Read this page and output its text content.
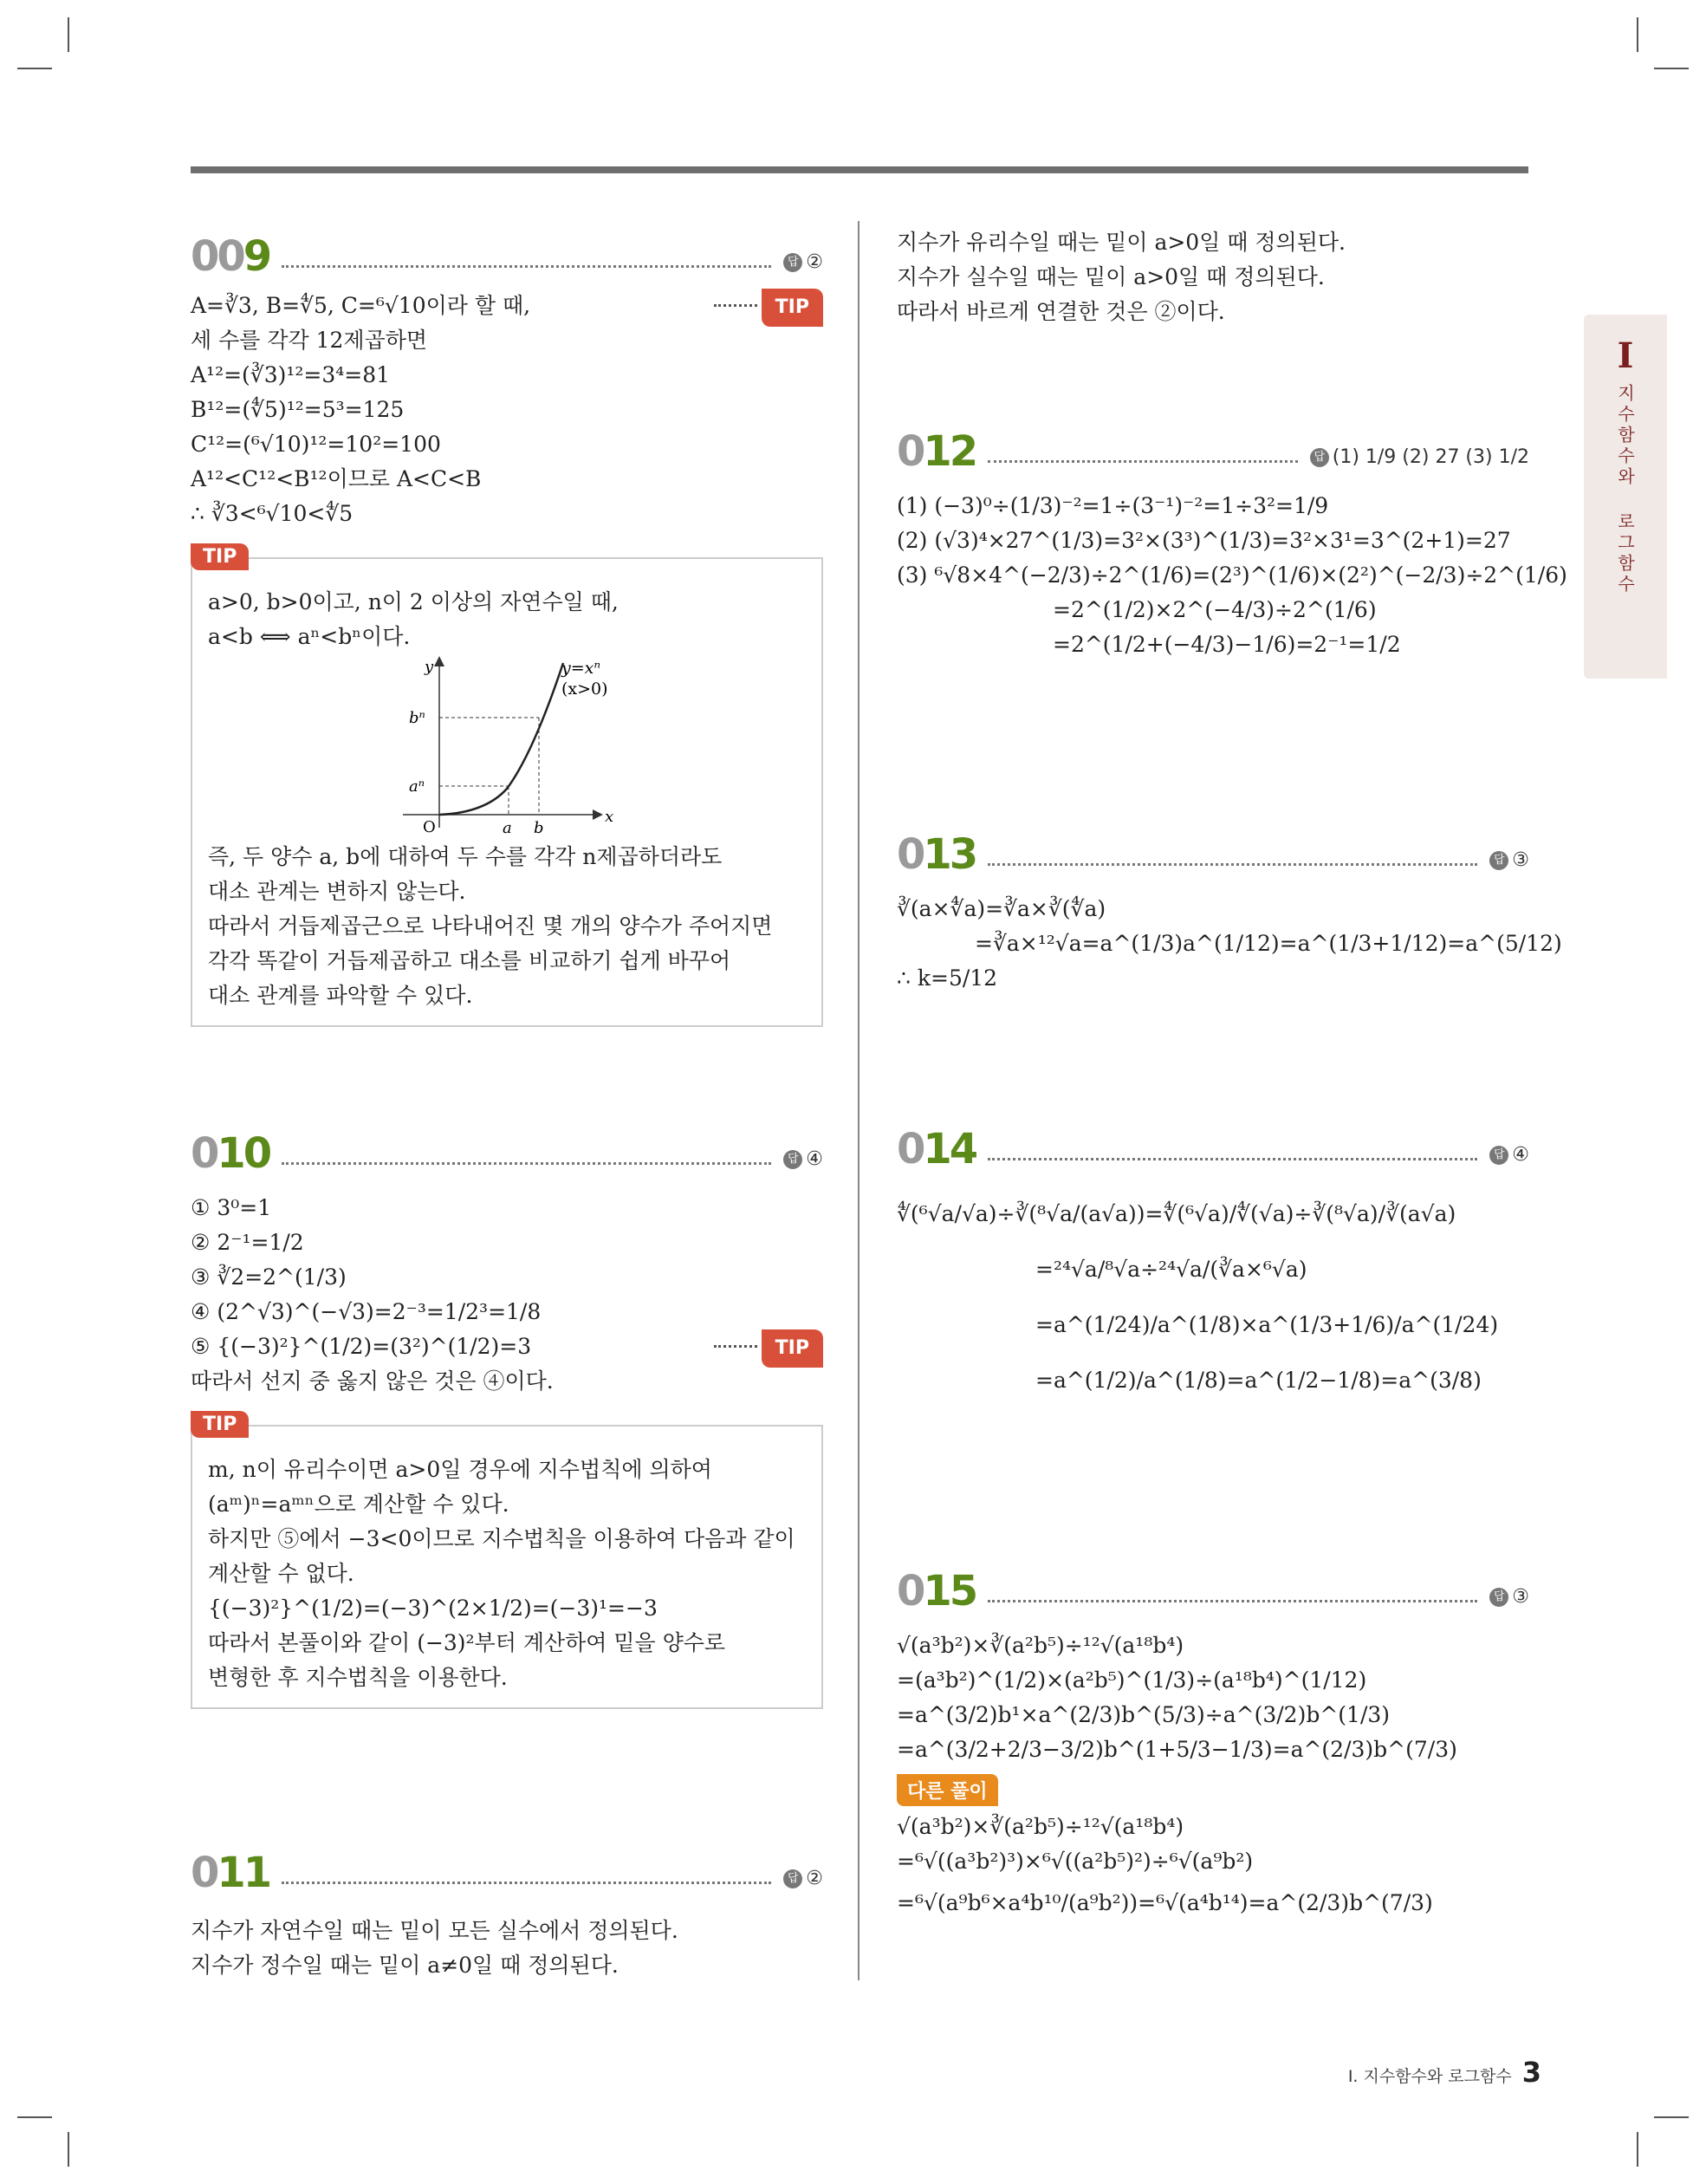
I
지수함수와 로그함수
009	답 ②
A=∛3, B=∜5, C=⁶√10이라 할 때,	TIP
세 수를 각각 12제곱하면
A¹²=(∛3)¹²=3⁴=81
B¹²=(∜5)¹²=5³=125
C¹²=(⁶√10)¹²=10²=100
A¹²<C¹²<B¹²이므로 A<C<B
∴ ∛3<⁶√10<∜5
TIP
a>0, b>0이고, n이 2 이상의 자연수일 때,
a<b ⟺ aⁿ<bⁿ이다.
y=xⁿ
(x>0)
y
x
O
bⁿ
aⁿ
a b
즉, 두 양수 a, b에 대하여 두 수를 각각 n제곱하더라도
대소 관계는 변하지 않는다.
따라서 거듭제곱근으로 나타내어진 몇 개의 양수가 주어지면
각각 똑같이 거듭제곱하고 대소를 비교하기 쉽게 바꾸어
대소 관계를 파악할 수 있다.
010	답 ④
① 3⁰=1
② 2⁻¹=1/2
③ ∛2=2^(1/3)
④ (2^√3)^(−√3)=2⁻³=1/2³=1/8
⑤ {(−3)²}^(1/2)=(3²)^(1/2)=3	TIP
따라서 선지 중 옳지 않은 것은 ④이다.
TIP
m, n이 유리수이면 a>0일 경우에 지수법칙에 의하여
(aᵐ)ⁿ=aᵐⁿ으로 계산할 수 있다.
하지만 ⑤에서 −3<0이므로 지수법칙을 이용하여 다음과 같이
계산할 수 없다.
{(−3)²}^(1/2)=(−3)^(2×1/2)=(−3)¹=−3
따라서 본풀이와 같이 (−3)²부터 계산하여 밑을 양수로
변형한 후 지수법칙을 이용한다.
011	답 ②
지수가 자연수일 때는 밑이 모든 실수에서 정의된다.
지수가 정수일 때는 밑이 a≠0일 때 정의된다.
지수가 유리수일 때는 밑이 a>0일 때 정의된다.
지수가 실수일 때는 밑이 a>0일 때 정의된다.
따라서 바르게 연결한 것은 ②이다.
012	답 (1) 1/9 (2) 27 (3) 1/2
(1) (−3)⁰÷(1/3)⁻²=1÷(3⁻¹)⁻²=1÷3²=1/9
(2) (√3)⁴×27^(1/3)=3²×(3³)^(1/3)=3²×3¹=3^(2+1)=27
(3) ⁶√8×4^(−2/3)÷2^(1/6)=(2³)^(1/6)×(2²)^(−2/3)÷2^(1/6)
=2^(1/2)×2^(−4/3)÷2^(1/6)
=2^(1/2+(−4/3)−1/6)=2⁻¹=1/2
013	답 ③
∛(a×∜a)=∛a×∛(∜a)
=∛a×¹²√a=a^(1/3)a^(1/12)=a^(1/3+1/12)=a^(5/12)
∴ k=5/12
014	답 ④
∜(⁶√a/√a)÷∛(⁸√a/(a√a))=∜(⁶√a)/∜(√a)÷∛(⁸√a)/∛(a√a)
=²⁴√a/⁸√a÷²⁴√a/(∛a×⁶√a)
=a^(1/24)/a^(1/8)×a^(1/3+1/6)/a^(1/24)
=a^(1/2)/a^(1/8)=a^(1/2−1/8)=a^(3/8)
015	답 ③
√(a³b²)×∛(a²b⁵)÷¹²√(a¹⁸b⁴)
=(a³b²)^(1/2)×(a²b⁵)^(1/3)÷(a¹⁸b⁴)^(1/12)
=a^(3/2)b¹×a^(2/3)b^(5/3)÷a^(3/2)b^(1/3)
=a^(3/2+2/3−3/2)b^(1+5/3−1/3)=a^(2/3)b^(7/3)
다른 풀이
√(a³b²)×∛(a²b⁵)÷¹²√(a¹⁸b⁴)
=⁶√((a³b²)³)×⁶√((a²b⁵)²)÷⁶√(a⁹b²)
=⁶√(a⁹b⁶×a⁴b¹⁰/(a⁹b²))=⁶√(a⁴b¹⁴)=a^(2/3)b^(7/3)
I. 지수함수와 로그함수 3
